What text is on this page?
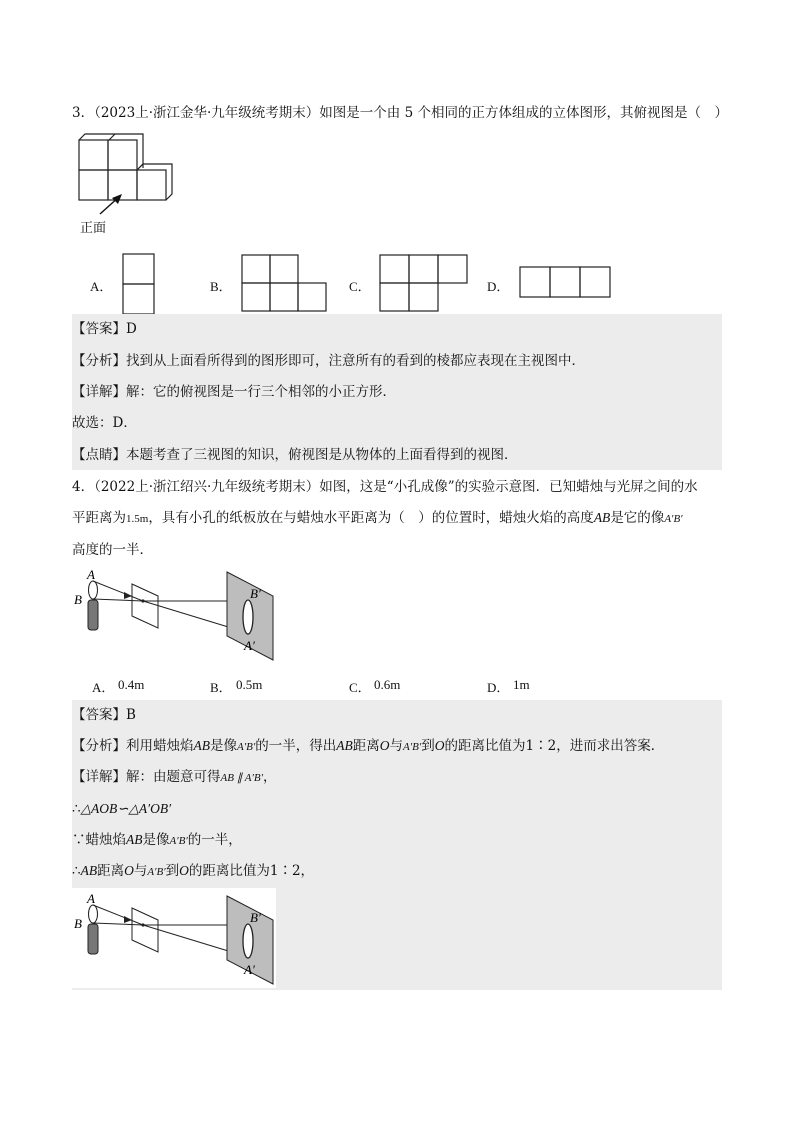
3．（2023上·浙江金华·九年级统考期末）如图是一个由 5 个相同的正方体组成的立体图形，其俯视图是（　）
正面
A．	B．	C．	D．
【答案】D
【分析】找到从上面看所得到的图形即可，注意所有的看到的棱都应表现在主视图中．
【详解】解：它的俯视图是一行三个相邻的小正方形．
故选：D．
【点睛】本题考查了三视图的知识，俯视图是从物体的上面看得到的视图．
4．（2022上·浙江绍兴·九年级统考期末）如图，这是“小孔成像”的实验示意图．已知蜡烛与光屏之间的水
平距离为1.5m，具有小孔的纸板放在与蜡烛水平距离为（　）的位置时，蜡烛火焰的高度AB是它的像A′B′
高度的一半．
A
B	B′
A′
A． 0.4m	B． 0.5m	C． 0.6m	D． 1m
【答案】B
【分析】利用蜡烛焰AB是像A′B′的一半，得出AB距离O与A′B′到O的距离比值为1∶2，进而求出答案．
【详解】解：由题意可得AB ∥ A′B′，
∴△AOB∽△A′OB′
∵蜡烛焰AB是像A′B′的一半，
∴AB距离O与A′B′到O的距离比值为1∶2，
A
B	B′
A′
